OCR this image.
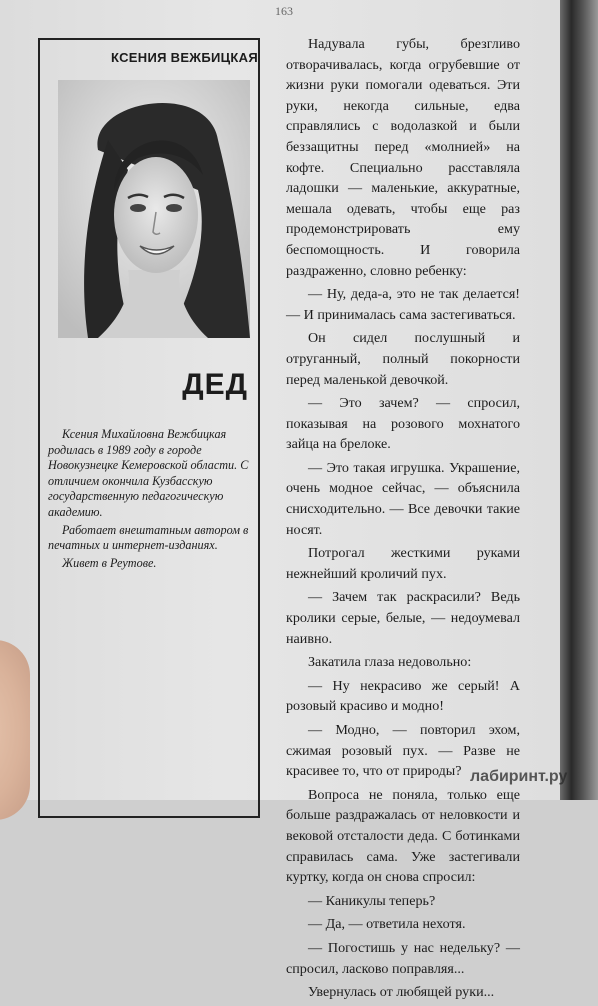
163
КСЕНИЯ ВЕЖБИЦКАЯ
ДЕД

Ксения Михайловна Вежбицкая родилась в 1989 году в городе Новокузнецке Кемеровской области. С отличием окончила Кузбасскую государственную педагогическую академию.

Работает внештатным автором в печатных и интернет-изданиях.

Живет в Реутове.

Надувала губы, брезгливо отворачивалась, когда огрубевшие от жизни руки помогали одеваться. Эти руки, некогда сильные, едва справлялись с водолазкой и были беззащитны перед «молнией» на кофте. Специально расставляла ладошки — маленькие, аккуратные, мешала одевать, чтобы еще раз продемонстрировать ему беспомощность. И говорила раздраженно, словно ребенку:

— Ну, деда-а, это не так делается! — И принималась сама застегиваться.

Он сидел послушный и отруганный, полный покорности перед маленькой девочкой.

— Это зачем? — спросил, показывая на розового мохнатого зайца на брелоке.

— Это такая игрушка. Украшение, очень модное сейчас, — объяснила снисходительно. — Все девочки такие носят.

Потрогал жесткими руками нежнейший кроличий пух.

— Зачем так раскрасили? Ведь кролики серые, белые, — недоумевал наивно.

Закатила глаза недовольно:

— Ну некрасиво же серый! А розовый красиво и модно!

— Модно, — повторил эхом, сжимая розовый пух. — Разве не красивее то, что от природы?

Вопроса не поняла, только еще больше раздражалась от неловкости и вековой отсталости деда. С ботинками справилась сама. Уже застегивали куртку, когда он снова спросил:

— Каникулы теперь?

— Да, — ответила нехотя.

— Погостишь у нас недельку? — спросил, ласково поправляя...

Увернулась от любящей руки...

лабиринт.ру
